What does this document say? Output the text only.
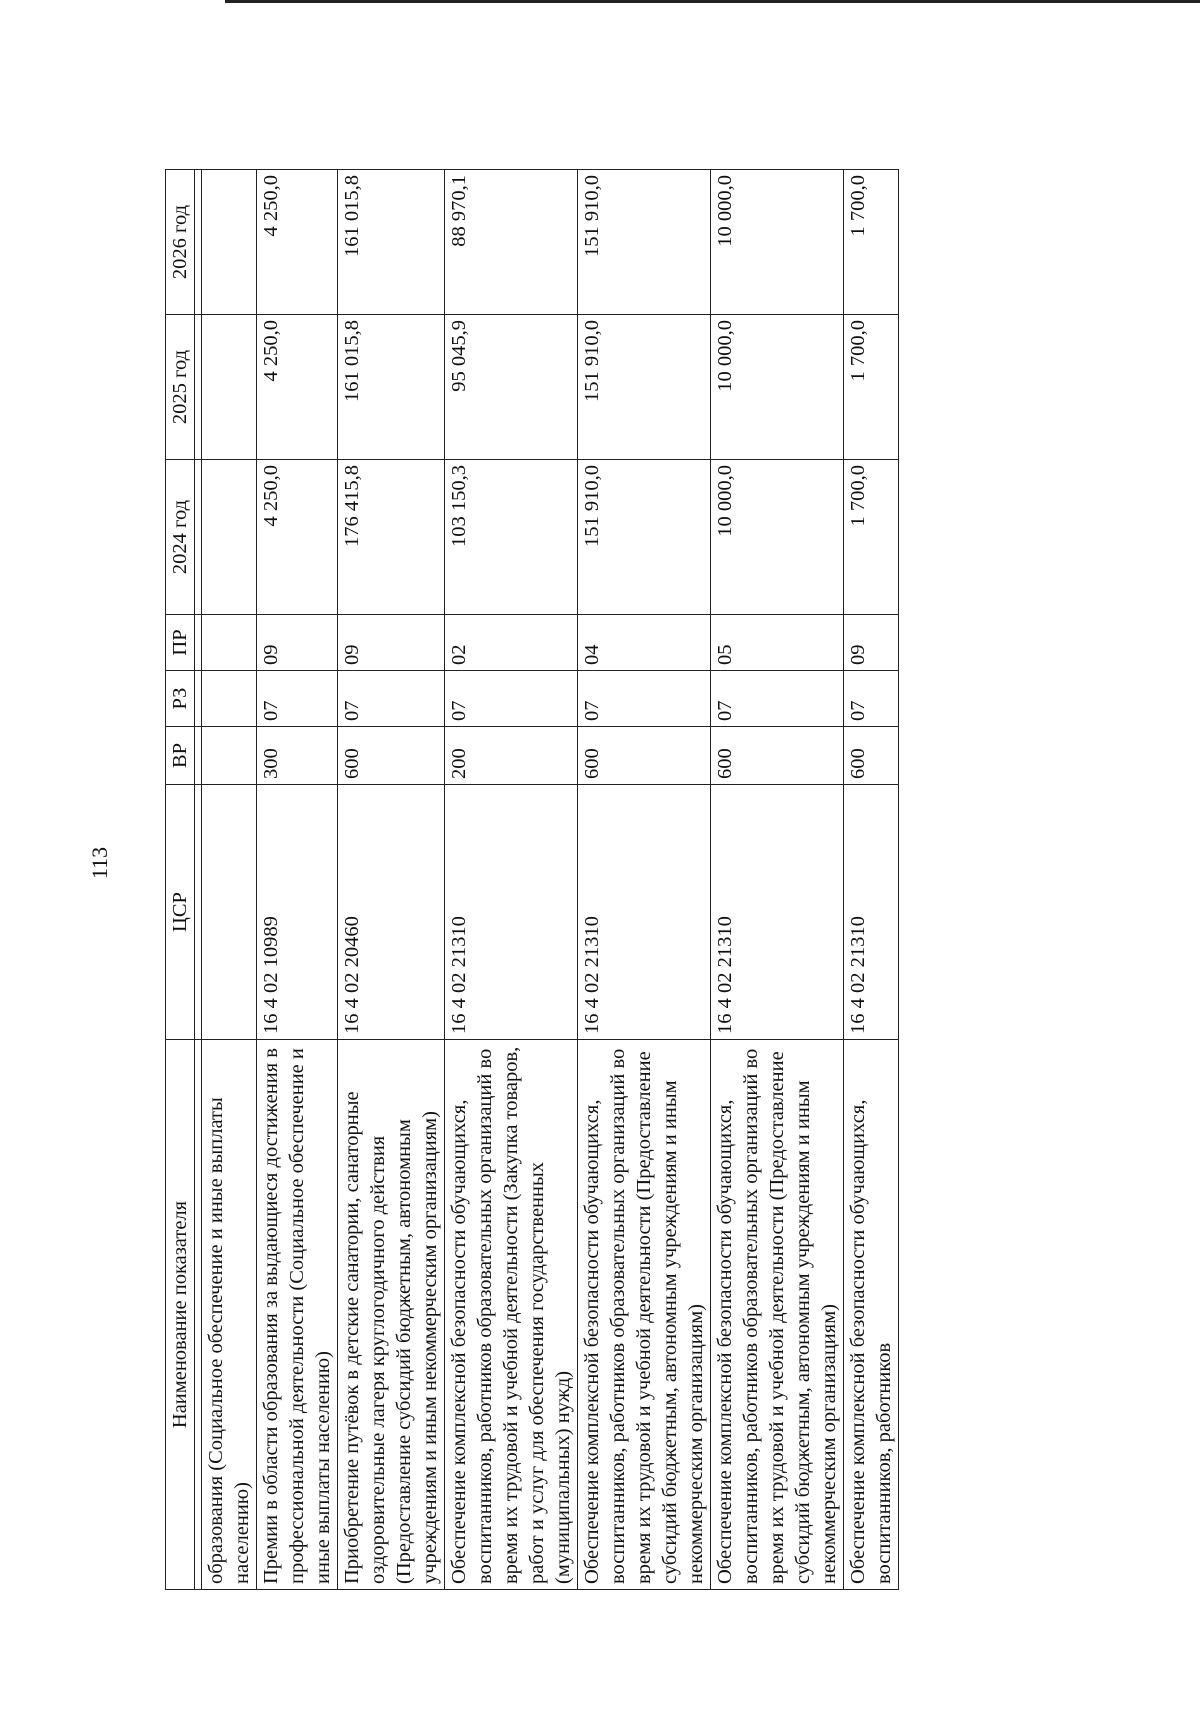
113
Наименование показателя	ЦСР	ВР	РЗ	ПР	2024 год	2025 год	2026 год

образования (Социальное обеспечение и иные выплаты населению)							
Премии в области образования за выдающиеся достижения в профессиональной деятельности (Социальное обеспечение и иные выплаты населению)	16 4 02 10989	300	07	09	4 250,0	4 250,0	4 250,0
Приобретение путёвок в детские санатории, санаторные оздоровительные лагеря круглогодичного действия (Предоставление субсидий бюджетным, автономным учреждениям и иным некоммерческим организациям)	16 4 02 20460	600	07	09	176 415,8	161 015,8	161 015,8
Обеспечение комплексной безопасности обучающихся, воспитанников, работников образовательных организаций во время их трудовой и учебной деятельности (Закупка товаров, работ и услуг для обеспечения государственных (муниципальных) нужд)	16 4 02 21310	200	07	02	103 150,3	95 045,9	88 970,1
Обеспечение комплексной безопасности обучающихся, воспитанников, работников образовательных организаций во время их трудовой и учебной деятельности (Предоставление субсидий бюджетным, автономным учреждениям и иным некоммерческим организациям)	16 4 02 21310	600	07	04	151 910,0	151 910,0	151 910,0
Обеспечение комплексной безопасности обучающихся, воспитанников, работников образовательных организаций во время их трудовой и учебной деятельности (Предоставление субсидий бюджетным, автономным учреждениям и иным некоммерческим организациям)	16 4 02 21310	600	07	05	10 000,0	10 000,0	10 000,0
Обеспечение комплексной безопасности обучающихся, воспитанников, работников	16 4 02 21310	600	07	09	1 700,0	1 700,0	1 700,0
